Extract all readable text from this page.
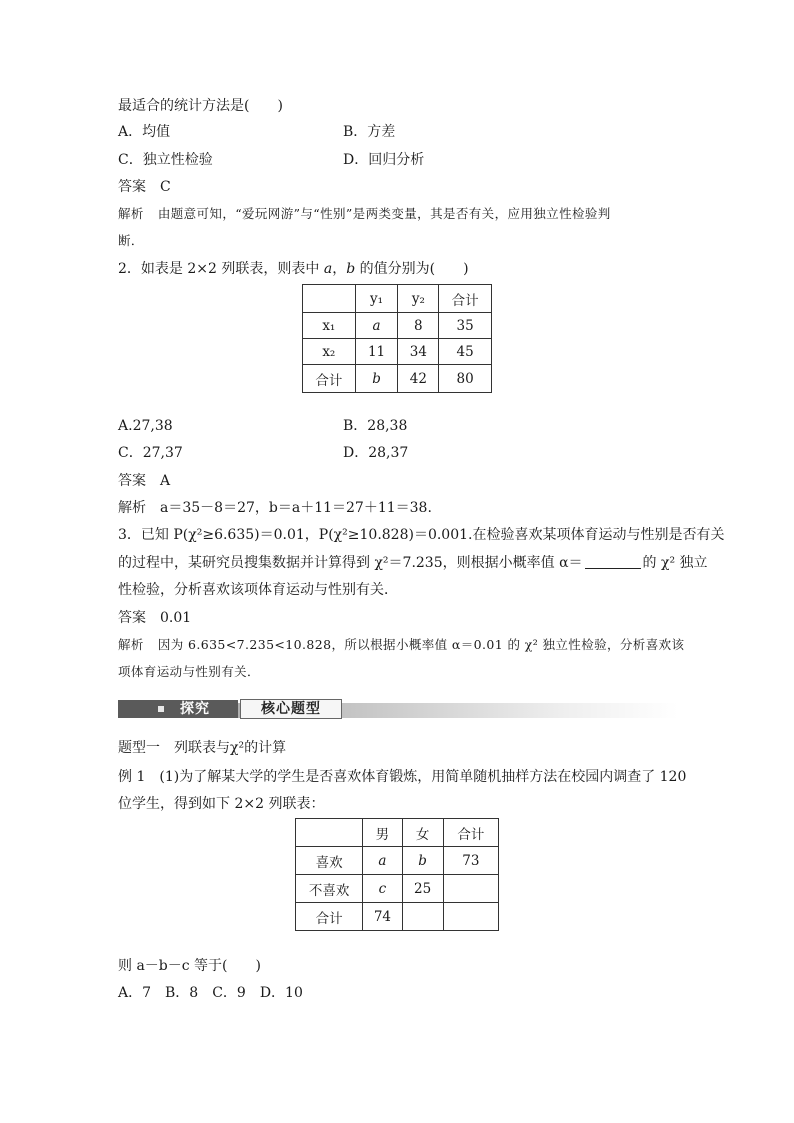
最适合的统计方法是(　　)
A．均值	B．方差
C．独立性检验	D．回归分析
答案 C
解析 由题意可知，“爱玩网游”与“性别”是两类变量，其是否有关，应用独立性检验判
断．
2．如表是 2×2 列联表，则表中 a，b 的值分别为(　　)
	y₁	y₂	合计
x₁	a	8	35
x₂	11	34	45
合计	b	42	80
A.27,38	B．28,38
C．27,37	D．28,37
答案 A
解析 a＝35－8＝27，b＝a＋11＝27＋11＝38.
3．已知 P(χ²≥6.635)＝0.01，P(χ²≥10.828)＝0.001.在检验喜欢某项体育运动与性别是否有关
的过程中，某研究员搜集数据并计算得到 χ²＝7.235，则根据小概率值 α＝	的 χ² 独立
性检验，分析喜欢该项体育运动与性别有关．
答案 0.01
解析 因为 6.635<7.235<10.828，所以根据小概率值 α＝0.01 的 χ² 独立性检验，分析喜欢该
项体育运动与性别有关．
探究	核心题型
题型一　列联表与χ²的计算
例 1 (1)为了解某大学的学生是否喜欢体育锻炼，用简单随机抽样方法在校园内调查了 120
位学生，得到如下 2×2 列联表：
	男	女	合计
喜欢	a	b	73
不喜欢	c	25	
合计	74		
则 a－b－c 等于(　　)
A．7　B．8　C．9　D．10
